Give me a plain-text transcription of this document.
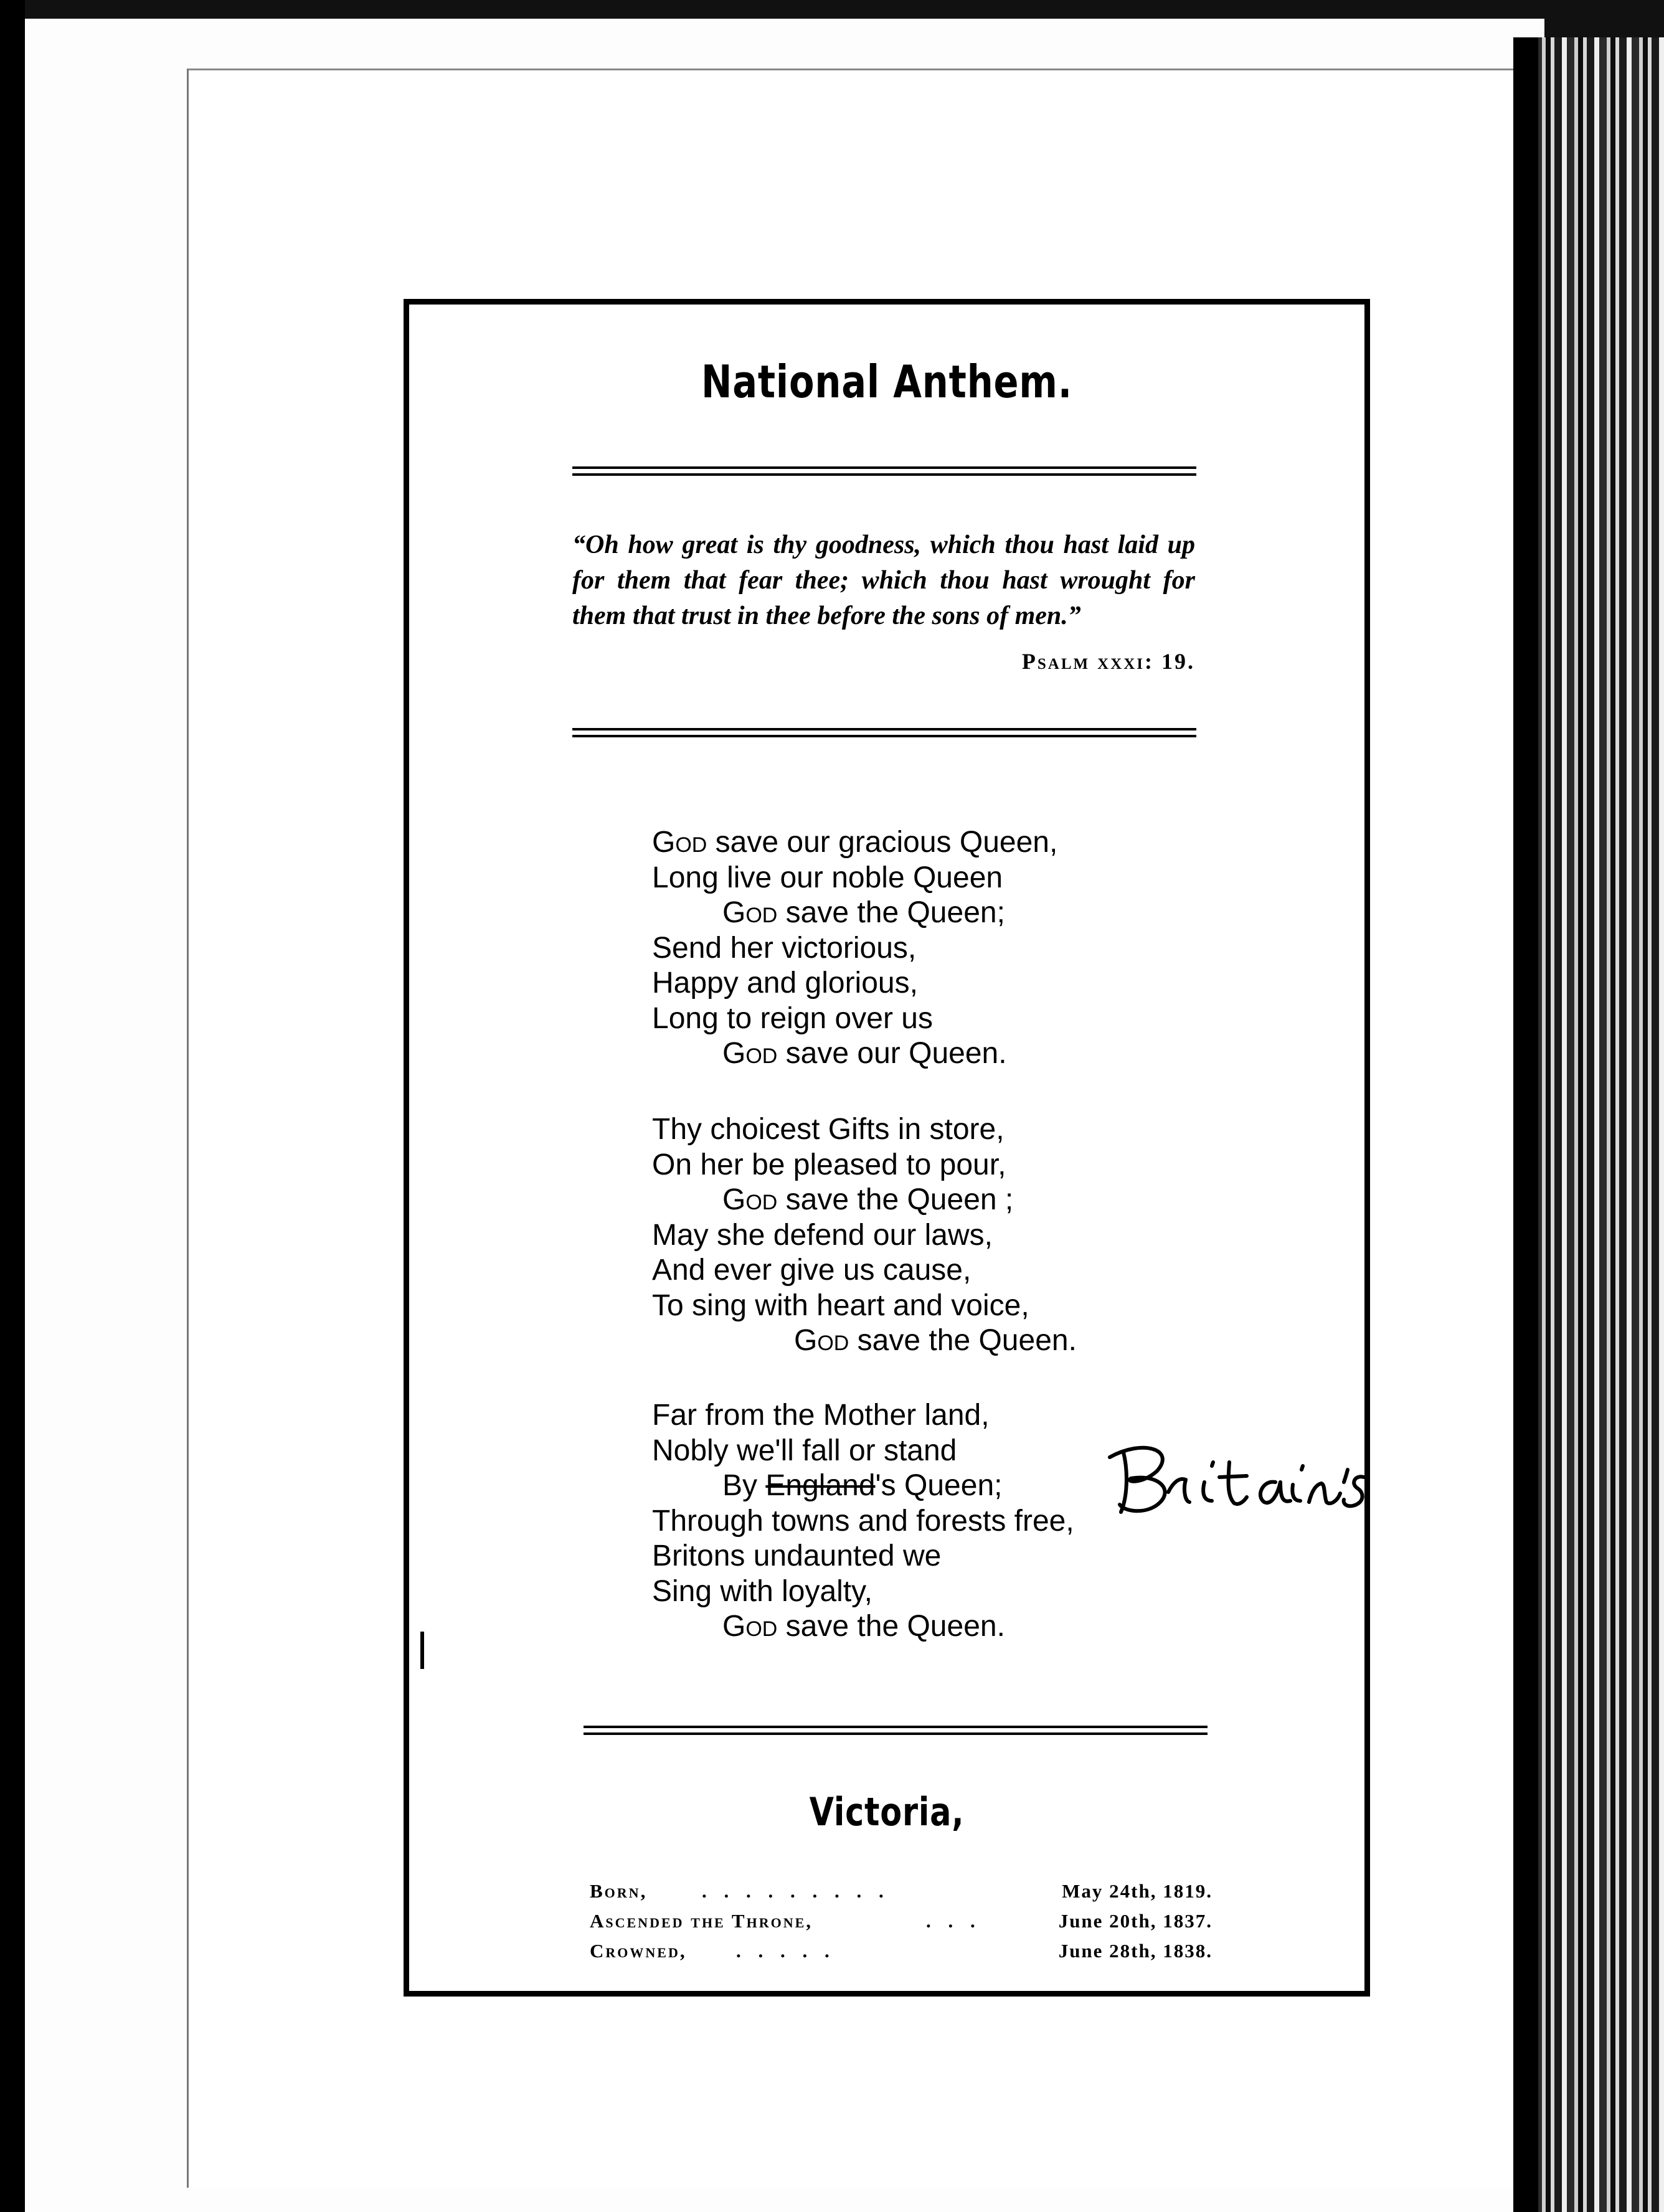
National Anthem.
“Oh how great is thy goodness, which thou hast laid up for them that fear thee; which thou hast wrought for them that trust in thee before the sons of men.”
Psalm xxxi: 19.
God save our gracious Queen,
Long live our noble Queen
God save the Queen;
Send her victorious,
Happy and glorious,
Long to reign over us
God save our Queen.
Thy choicest Gifts in store,
On her be pleased to pour,
God save the Queen ;
May she defend our laws,
And ever give us cause,
To sing with heart and voice,
God save the Queen.
Far from the Mother land,
Nobly we'll fall or stand
By England's Queen;
Through towns and forests free,
Britons undaunted we
Sing with loyalty,
God save the Queen.
Victoria,
Born,	. . . . . . . . .	May 24th, 1819.
Ascended the Throne,	. . .	June 20th, 1837.
Crowned,	. . . . .	June 28th, 1838.
